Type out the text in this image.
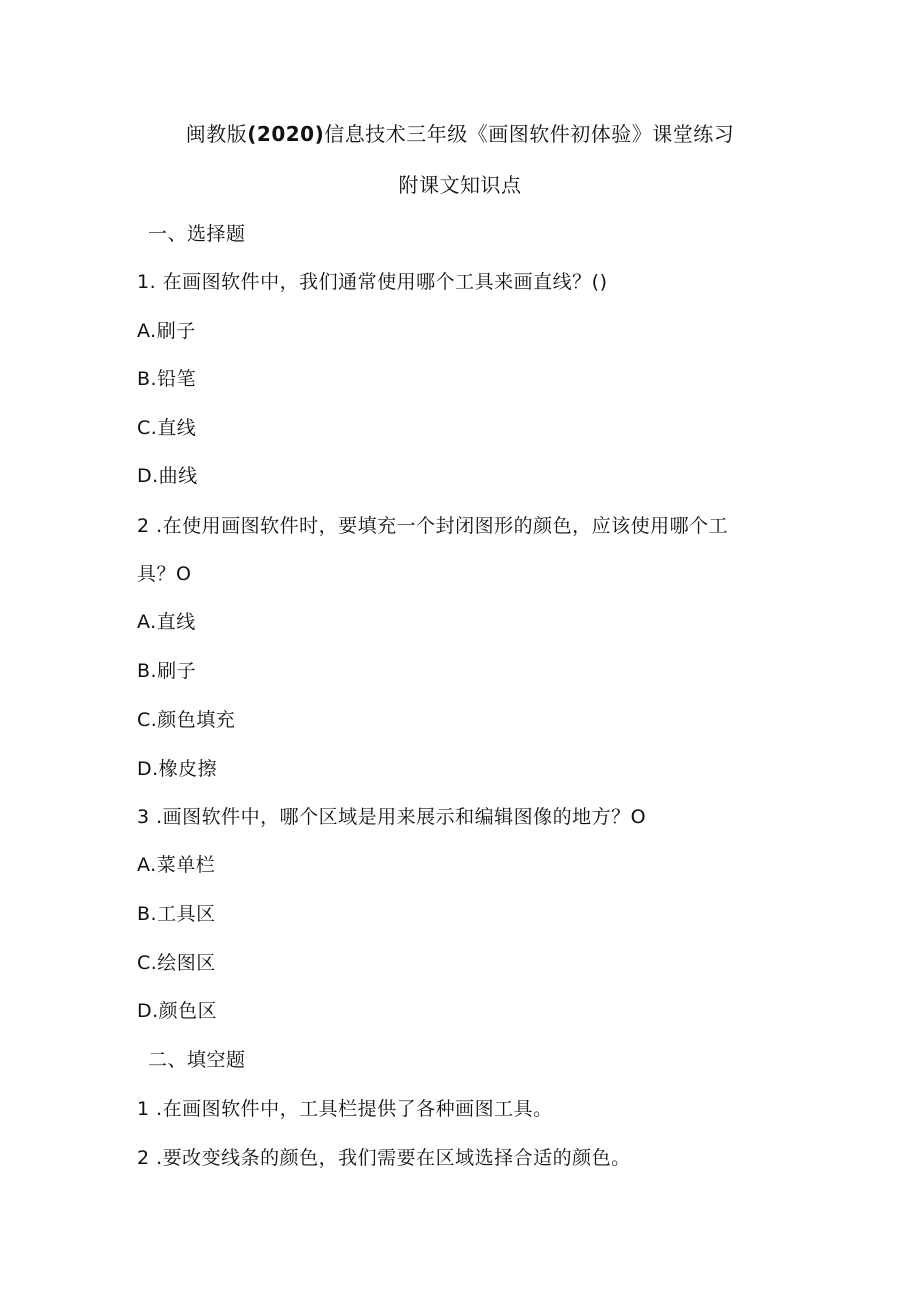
闽教版(2020)信息技术三年级《画图软件初体验》课堂练习
附课文知识点
一、选择题
1. 在画图软件中，我们通常使用哪个工具来画直线？()
A.刷子
B.铅笔
C.直线
D.曲线
2 .在使用画图软件时，要填充一个封闭图形的颜色，应该使用哪个工
具？O
A.直线
B.刷子
C.颜色填充
D.橡皮擦
3 .画图软件中，哪个区域是用来展示和编辑图像的地方？O
A.菜单栏
B.工具区
C.绘图区
D.颜色区
二、填空题
1 .在画图软件中，工具栏提供了各种画图工具。
2 .要改变线条的颜色，我们需要在区域选择合适的颜色。
